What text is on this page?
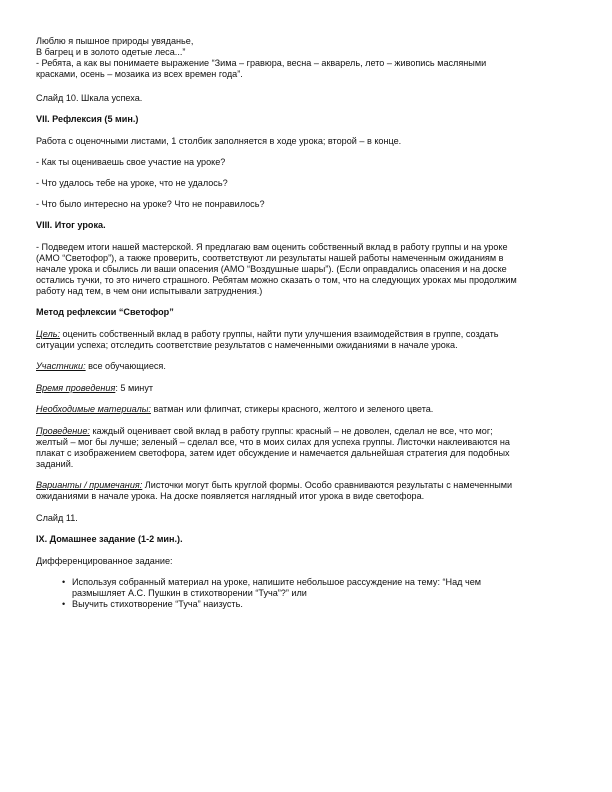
Люблю я пышное природы увяданье,
В багрец и в золото одетые леса...”
- Ребята, а как вы понимаете выражение “Зима – гравюра, весна – акварель, лето – живопись масляными
красками, осень – мозаика из всех времен года”.
Слайд 10. Шкала успеха.
VII. Рефлексия (5 мин.)
Работа с оценочными листами, 1 столбик заполняется в ходе урока; второй – в конце.
- Как ты оцениваешь свое участие на уроке?
- Что удалось тебе на уроке, что не удалось?
- Что было интересно на уроке? Что не понравилось?
VIII. Итог урока.
- Подведем итоги нашей мастерской. Я предлагаю вам оценить собственный вклад в работу группы и на уроке
(АМО “Светофор”), а также проверить, соответствуют ли результаты нашей работы намеченным ожиданиям в
начале урока и сбылись ли ваши опасения (АМО “Воздушные шары”). (Если оправдались опасения и на доске
остались тучки, то это ничего страшного. Ребятам можно сказать о том, что на следующих уроках мы продолжим
работу над тем, в чем они испытывали затруднения.)
Метод рефлексии “Светофор”
Цель: оценить собственный вклад в работу группы, найти пути улучшения взаимодействия в группе, создать
ситуации успеха; отследить соответствие результатов с намеченными ожиданиями в начале урока.
Участники: все обучающиеся.
Время проведения: 5 минут
Необходимые материалы: ватман или флипчат, стикеры красного, желтого и зеленого цвета.
Проведение: каждый оценивает свой вклад в работу группы: красный – не доволен, сделал не все, что мог;
желтый – мог бы лучше; зеленый – сделал все, что в моих силах для успеха группы. Листочки наклеиваются на
плакат с изображением светофора, затем идет обсуждение и намечается дальнейшая стратегия для подобных
заданий.
Варианты / примечания: Листочки могут быть круглой формы. Особо сравниваются результаты с намеченными
ожиданиями в начале урока. На доске появляется наглядный итог урока в виде светофора.
Слайд 11.
IX. Домашнее задание (1-2 мин.).
Дифференцированное задание:
• Используя собранный материал на уроке, напишите небольшое рассуждение на тему: “Над чем
размышляет А.С. Пушкин в стихотворении “Туча”?” или
• Выучить стихотворение “Туча” наизусть.
